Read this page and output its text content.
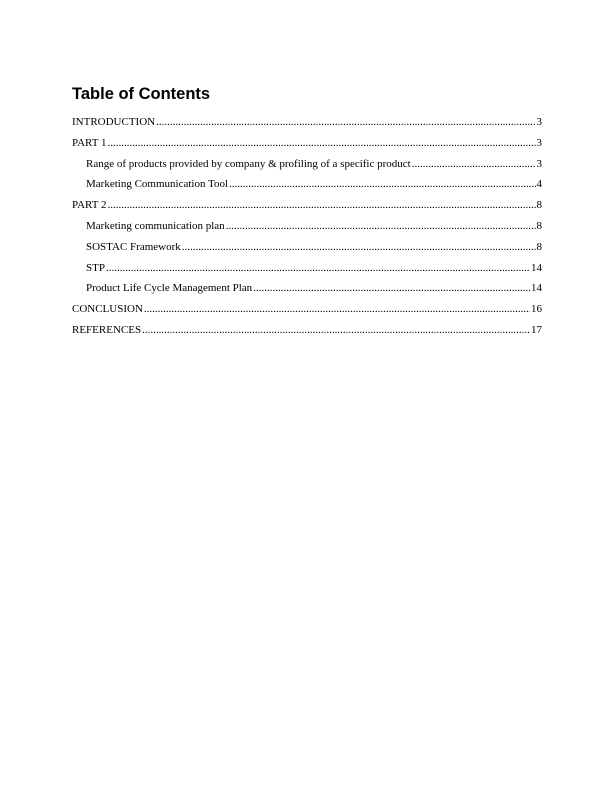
Table of Contents
INTRODUCTION .....	3
PART 1 .....	3
Range of products provided by company & profiling of a specific product .....	3
Marketing Communication Tool .....	4
PART 2 .....	8
Marketing communication plan .....	8
SOSTAC Framework .....	8
STP .....	14
Product Life Cycle Management Plan .....	14
CONCLUSION .....	16
REFERENCES .....	17
